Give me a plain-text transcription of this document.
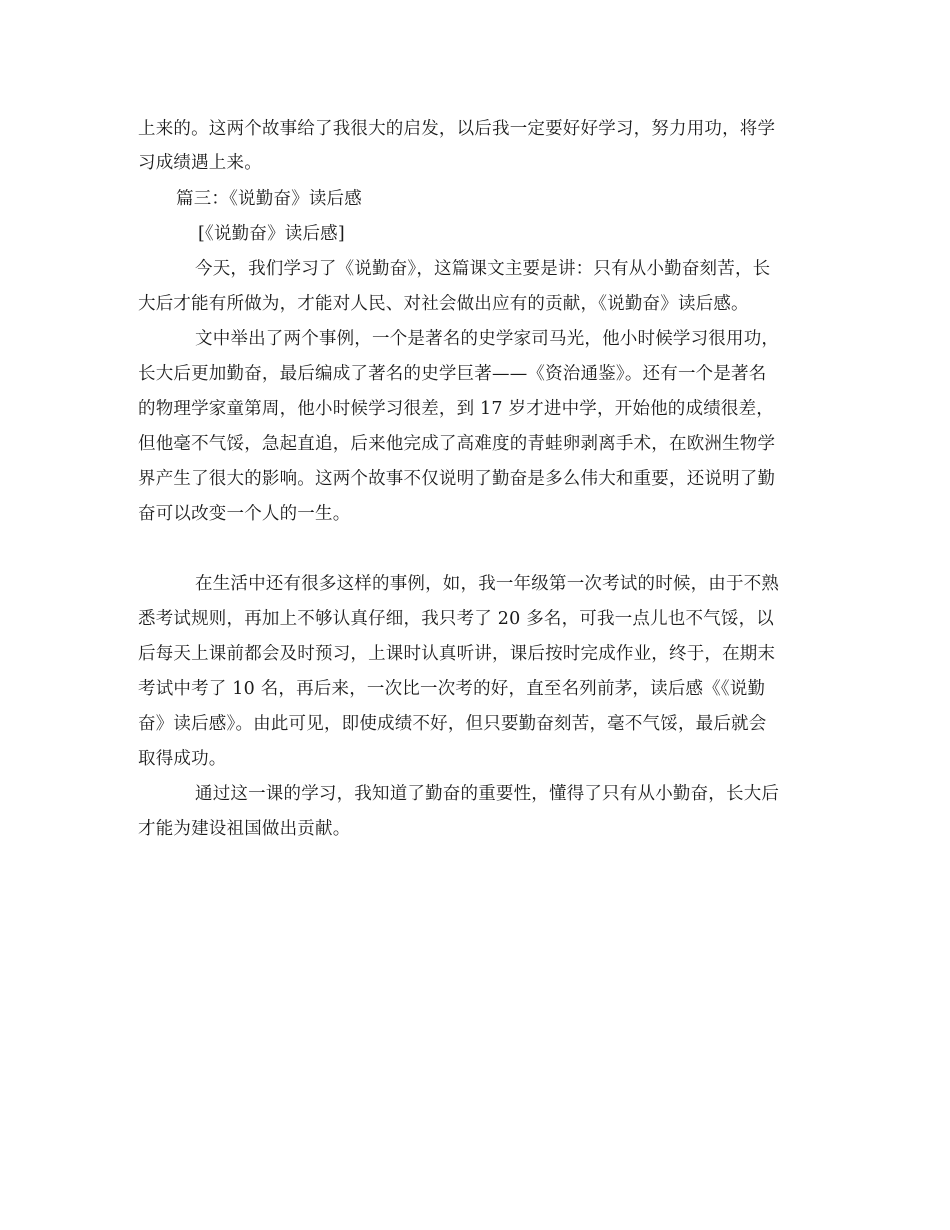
上来的。这两个故事给了我很大的启发，以后我一定要好好学习，努力用功，将学
习成绩遇上来。
篇三：《说勤奋》读后感
[《说勤奋》读后感]
今天，我们学习了《说勤奋》，这篇课文主要是讲：只有从小勤奋刻苦，长
大后才能有所做为，才能对人民、对社会做出应有的贡献，《说勤奋》读后感。
文中举出了两个事例，一个是著名的史学家司马光，他小时候学习很用功，
长大后更加勤奋，最后编成了著名的史学巨著——《资治通鉴》。还有一个是著名
的物理学家童第周，他小时候学习很差，到 17 岁才进中学，开始他的成绩很差，
但他毫不气馁，急起直追，后来他完成了高难度的青蛙卵剥离手术，在欧洲生物学
界产生了很大的影响。这两个故事不仅说明了勤奋是多么伟大和重要，还说明了勤
奋可以改变一个人的一生。
在生活中还有很多这样的事例，如，我一年级第一次考试的时候，由于不熟
悉考试规则，再加上不够认真仔细，我只考了 20 多名，可我一点儿也不气馁，以
后每天上课前都会及时预习，上课时认真听讲，课后按时完成作业，终于，在期末
考试中考了 10 名，再后来，一次比一次考的好，直至名列前茅，读后感《《说勤
奋》读后感》。由此可见，即使成绩不好，但只要勤奋刻苦，毫不气馁，最后就会
取得成功。
通过这一课的学习，我知道了勤奋的重要性，懂得了只有从小勤奋，长大后
才能为建设祖国做出贡献。
